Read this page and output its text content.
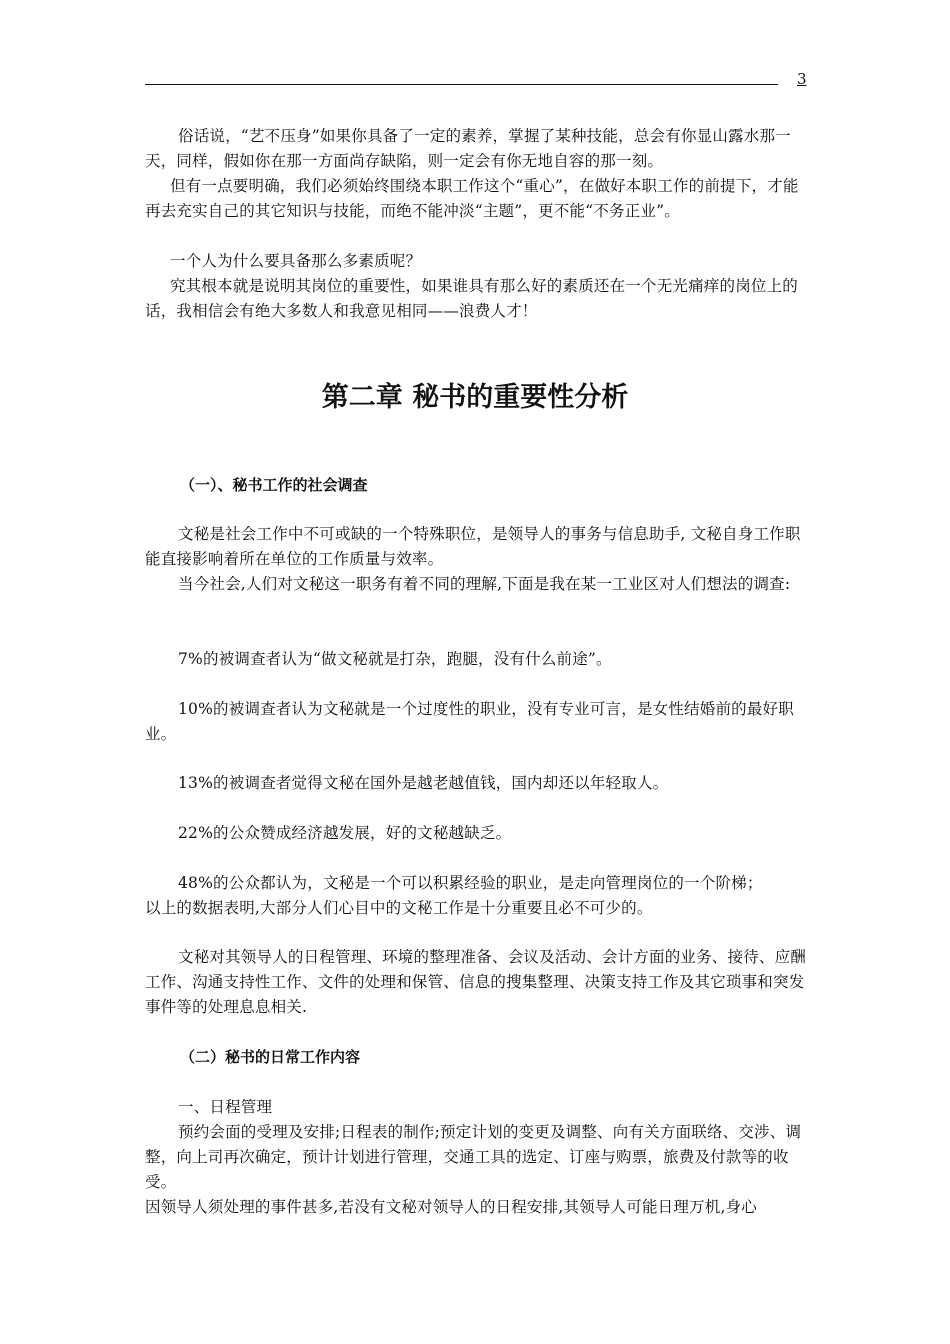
3

俗话说，“艺不压身”如果你具备了一定的素养，掌握了某种技能，总会有你显山露水那一天，同样，假如你在那一方面尚存缺陷，则一定会有你无地自容的那一刻。

但有一点要明确，我们必须始终围绕本职工作这个“重心”，在做好本职工作的前提下，才能再去充实自己的其它知识与技能，而绝不能冲淡“主题”，更不能“不务正业”。

一个人为什么要具备那么多素质呢？

究其根本就是说明其岗位的重要性，如果谁具有那么好的素质还在一个无光痛痒的岗位上的话，我相信会有绝大多数人和我意见相同——浪费人才！

第二章 秘书的重要性分析
（一）、秘书工作的社会调查

文秘是社会工作中不可或缺的一个特殊职位，是领导人的事务与信息助手, 文秘自身工作职能直接影响着所在单位的工作质量与效率。

当今社会,人们对文秘这一职务有着不同的理解,下面是我在某一工业区对人们想法的调查:

7%的被调查者认为“做文秘就是打杂，跑腿，没有什么前途”。

10%的被调查者认为文秘就是一个过度性的职业，没有专业可言，是女性结婚前的最好职业。

13%的被调查者觉得文秘在国外是越老越值钱，国内却还以年轻取人。

22%的公众赞成经济越发展，好的文秘越缺乏。

48%的公众都认为，文秘是一个可以积累经验的职业，是走向管理岗位的一个阶梯；

以上的数据表明,大部分人们心目中的文秘工作是十分重要且必不可少的。

文秘对其领导人的日程管理、环境的整理准备、会议及活动、会计方面的业务、接待、应酬工作、沟通支持性工作、文件的处理和保管、信息的搜集整理、决策支持工作及其它琐事和突发事件等的处理息息相关.

（二）秘书的日常工作内容

一、日程管理

预约会面的受理及安排;日程表的制作;预定计划的变更及调整、向有关方面联络、交涉、调整，向上司再次确定，预计计划进行管理，交通工具的选定、订座与购票，旅费及付款等的收受。

因领导人须处理的事件甚多,若没有文秘对领导人的日程安排,其领导人可能日理万机,身心
